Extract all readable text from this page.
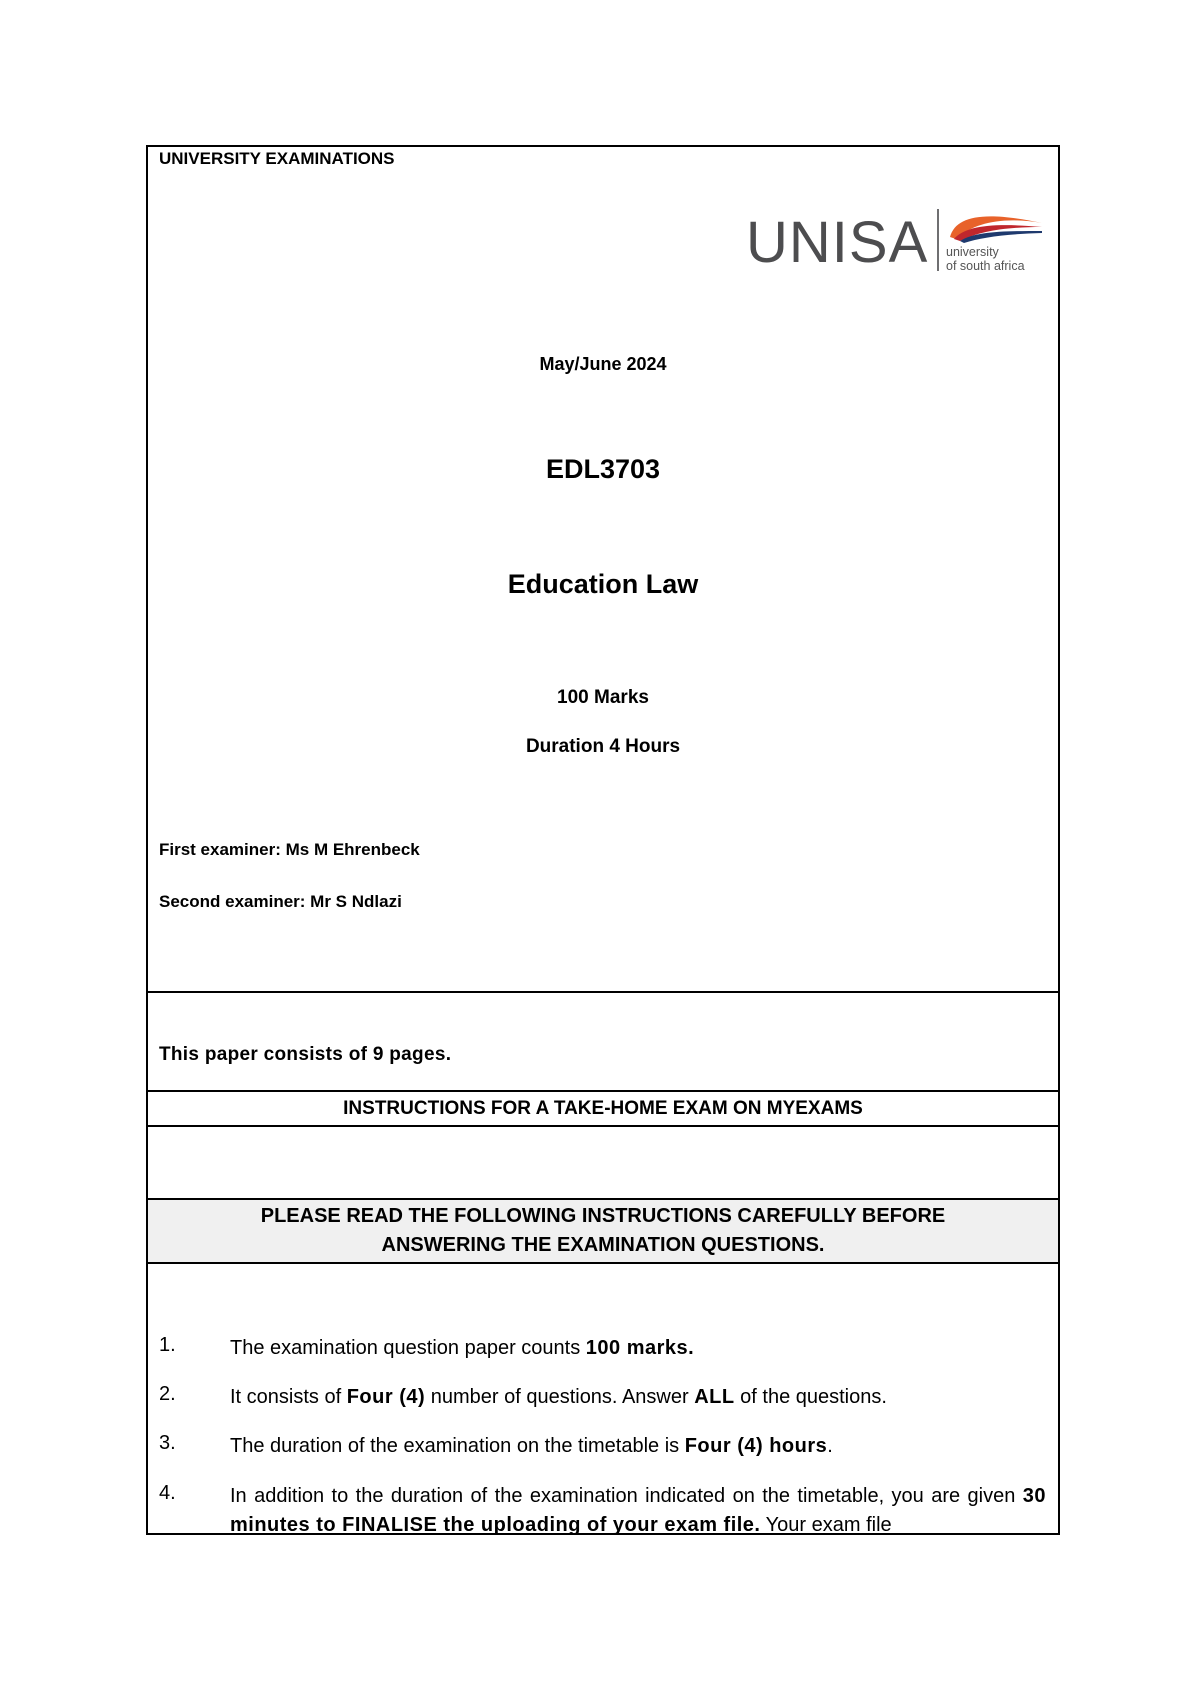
UNIVERSITY EXAMINATIONS
UNISA university
of south africa
May/June 2024
EDL3703
Education Law
100 Marks
Duration 4 Hours
First examiner: Ms M Ehrenbeck
Second examiner: Mr S Ndlazi
This paper consists of 9 pages.
INSTRUCTIONS FOR A TAKE-HOME EXAM ON MYEXAMS
PLEASE READ THE FOLLOWING INSTRUCTIONS CAREFULLY BEFORE
ANSWERING THE EXAMINATION QUESTIONS.
1.	The examination question paper counts 100 marks.
2.	It consists of Four (4) number of questions. Answer ALL of the questions.
3.	The duration of the examination on the timetable is Four (4) hours.
4.	In addition to the duration of the examination indicated on the timetable, you are given 30 minutes to FINALISE the uploading of your exam file. Your exam file
